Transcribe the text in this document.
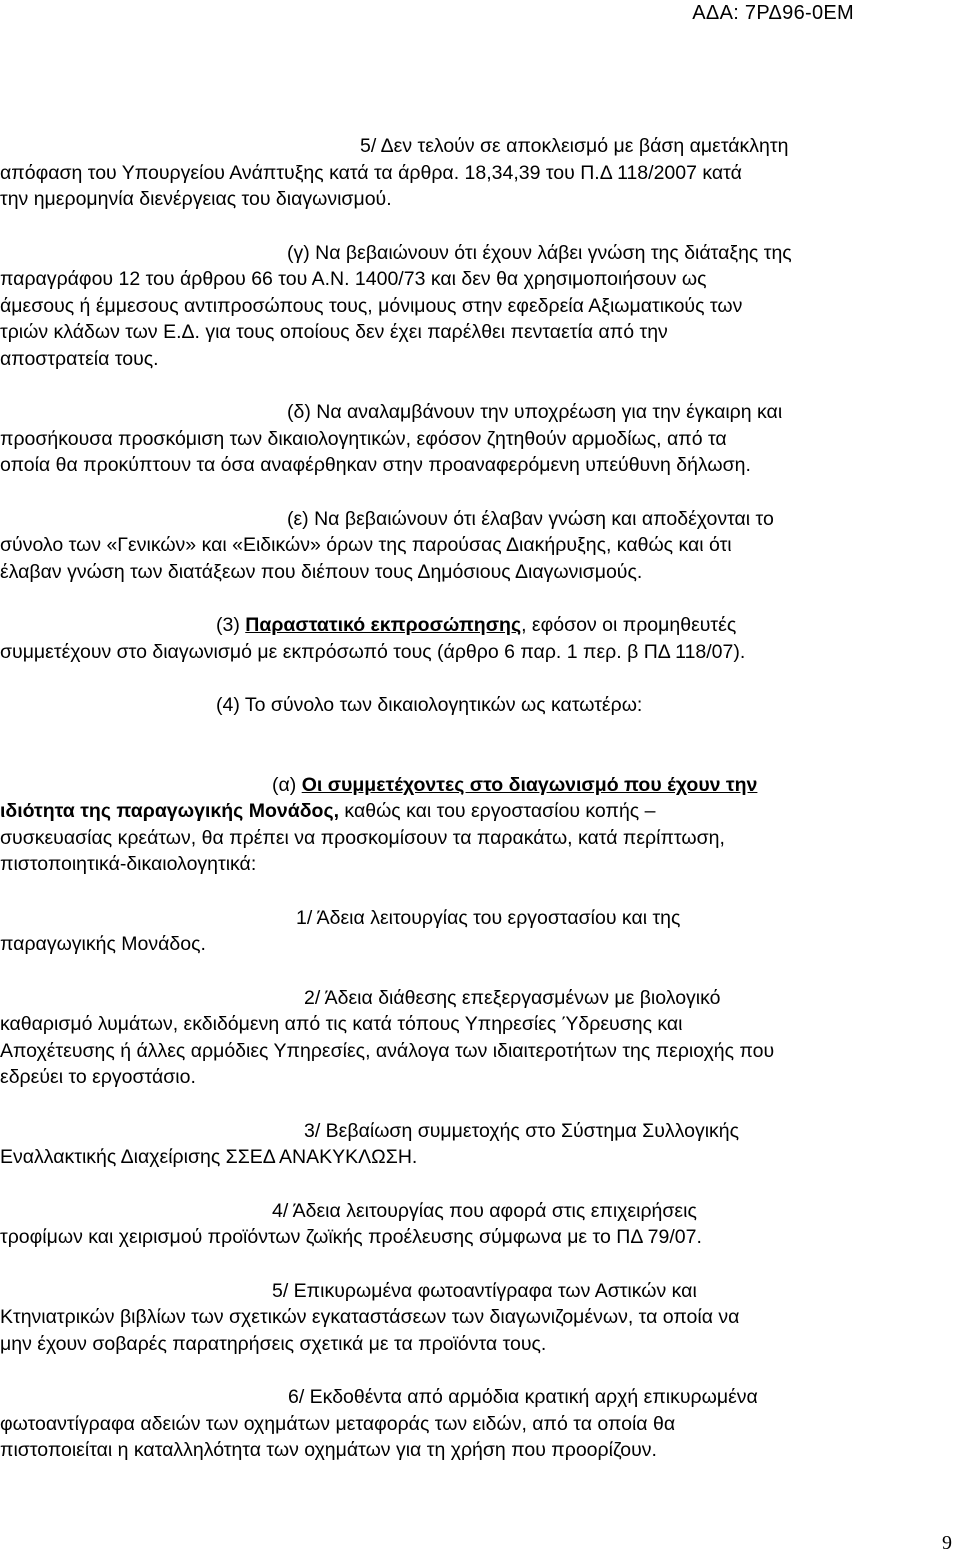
ΑΔΑ: 7ΡΔ96-0ΕΜ

5/ Δεν τελούν σε αποκλεισμό με βάση αμετάκλητη

απόφαση του Υπουργείου Ανάπτυξης κατά τα άρθρα. 18,34,39 του Π.Δ 118/2007 κατά

την ημερομηνία διενέργειας του διαγωνισμού.

(γ) Να βεβαιώνουν ότι έχουν λάβει γνώση της διάταξης της

παραγράφου 12 του άρθρου 66 του Α.Ν. 1400/73 και δεν θα χρησιμοποιήσουν ως

άμεσους ή έμμεσους αντιπροσώπους τους, μόνιμους στην εφεδρεία Αξιωματικούς των

τριών κλάδων των Ε.Δ. για τους οποίους δεν έχει παρέλθει πενταετία από την

αποστρατεία τους.

(δ) Να αναλαμβάνουν την υποχρέωση για την έγκαιρη και

προσήκουσα προσκόμιση των δικαιολογητικών, εφόσον ζητηθούν αρμοδίως, από τα

οποία θα προκύπτουν τα όσα αναφέρθηκαν στην προαναφερόμενη υπεύθυνη δήλωση.

(ε) Να βεβαιώνουν ότι έλαβαν γνώση και αποδέχονται το

σύνολο των «Γενικών» και «Ειδικών» όρων της παρούσας Διακήρυξης, καθώς και ότι

έλαβαν γνώση των διατάξεων που διέπουν τους Δημόσιους Διαγωνισμούς.

(3) Παραστατικό εκπροσώπησης, εφόσον οι προμηθευτές

συμμετέχουν στο διαγωνισμό με εκπρόσωπό τους (άρθρο 6 παρ. 1 περ. β ΠΔ 118/07).

(4) Το σύνολο των δικαιολογητικών ως κατωτέρω:

(α) Οι συμμετέχοντες στο διαγωνισμό που έχουν την

ιδιότητα της παραγωγικής Μονάδος, καθώς και του εργοστασίου κοπής –

συσκευασίας κρεάτων, θα πρέπει να προσκομίσουν τα παρακάτω, κατά περίπτωση,

πιστοποιητικά-δικαιολογητικά:

1/ Άδεια λειτουργίας του εργοστασίου και της

παραγωγικής Μονάδος.

2/ Άδεια διάθεσης επεξεργασμένων με βιολογικό

καθαρισμό λυμάτων, εκδιδόμενη από τις κατά τόπους Υπηρεσίες Ύδρευσης και

Αποχέτευσης ή άλλες αρμόδιες Υπηρεσίες, ανάλογα των ιδιαιτεροτήτων της περιοχής που

εδρεύει το εργοστάσιο.

3/ Βεβαίωση συμμετοχής στο Σύστημα Συλλογικής

Εναλλακτικής Διαχείρισης ΣΣΕΔ ΑΝΑΚΥΚΛΩΣΗ.

4/ Άδεια λειτουργίας που αφορά στις επιχειρήσεις

τροφίμων και χειρισμού προϊόντων ζωϊκής προέλευσης σύμφωνα με το ΠΔ 79/07.

5/ Επικυρωμένα φωτοαντίγραφα των Αστικών και

Κτηνιατρικών βιβλίων των σχετικών εγκαταστάσεων των διαγωνιζομένων, τα οποία να

μην έχουν σοβαρές παρατηρήσεις σχετικά με τα προϊόντα τους.

6/ Εκδοθέντα από αρμόδια κρατική αρχή επικυρωμένα

φωτοαντίγραφα αδειών των οχημάτων μεταφοράς των ειδών, από τα οποία θα

πιστοποιείται η καταλληλότητα των οχημάτων για τη χρήση που προορίζουν.

9
